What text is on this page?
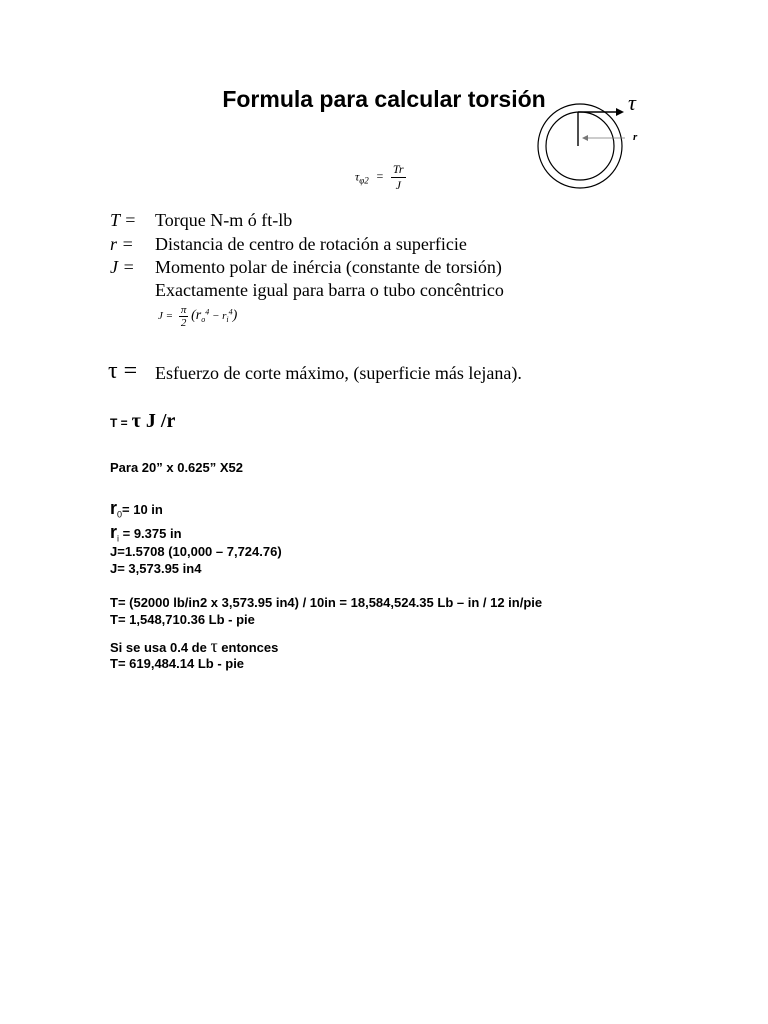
Formula para calcular torsión	τ
r
$\tau_{\varphi 2} = \frac{Tr}{J}$
T = Torque N-m ó ft-lb
r = Distancia de centro de rotación a superficie
J = Momento polar de inércia (constante de torsión)
Exactamente igual para barra o tubo concêntrico
$J = \frac{\pi}{2} (r_o^4 - r_i^4)$
τ = Esfuerzo de corte máximo, (superficie más lejana).
T = τ J /r
Para 20” x 0.625” X52
$r_0= 10$ in
$r_i = 9.375$ in
J=1.5708 (10,000 – 7,724.76)
J= 3,573.95 in4
T= (52000 lb/in2 x 3,573.95 in4) / 10in = 18,584,524.35 Lb – in / 12 in/pie
T= 1,548,710.36 Lb - pie
Si se usa 0.4 de τ entonces
T= 619,484.14 Lb - pie
